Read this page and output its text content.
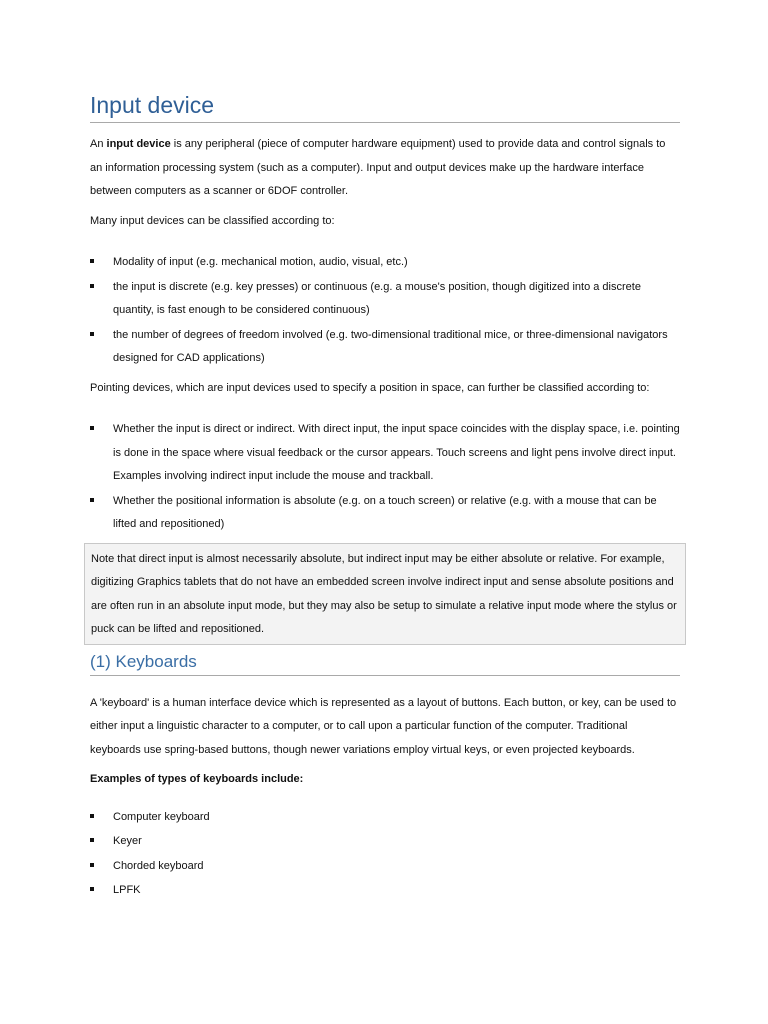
Input device

An input device is any peripheral (piece of computer hardware equipment) used to provide data and control signals to an information processing system (such as a computer). Input and output devices make up the hardware interface between computers as a scanner or 6DOF controller.

Many input devices can be classified according to:

Modality of input (e.g. mechanical motion, audio, visual, etc.)
the input is discrete (e.g. key presses) or continuous (e.g. a mouse's position, though digitized into a discrete quantity, is fast enough to be considered continuous)
the number of degrees of freedom involved (e.g. two-dimensional traditional mice, or three-dimensional navigators designed for CAD applications)

Pointing devices, which are input devices used to specify a position in space, can further be classified according to:

Whether the input is direct or indirect. With direct input, the input space coincides with the display space, i.e. pointing is done in the space where visual feedback or the cursor appears. Touch screens and light pens involve direct input. Examples involving indirect input include the mouse and trackball.
Whether the positional information is absolute (e.g. on a touch screen) or relative (e.g. with a mouse that can be lifted and repositioned)

Note that direct input is almost necessarily absolute, but indirect input may be either absolute or relative. For example, digitizing Graphics tablets that do not have an embedded screen involve indirect input and sense absolute positions and are often run in an absolute input mode, but they may also be setup to simulate a relative input mode where the stylus or puck can be lifted and repositioned.

(1) Keyboards

A 'keyboard' is a human interface device which is represented as a layout of buttons. Each button, or key, can be used to either input a linguistic character to a computer, or to call upon a particular function of the computer. Traditional keyboards use spring-based buttons, though newer variations employ virtual keys, or even projected keyboards.

Examples of types of keyboards include:
Computer keyboard
Keyer
Chorded keyboard
LPFK
